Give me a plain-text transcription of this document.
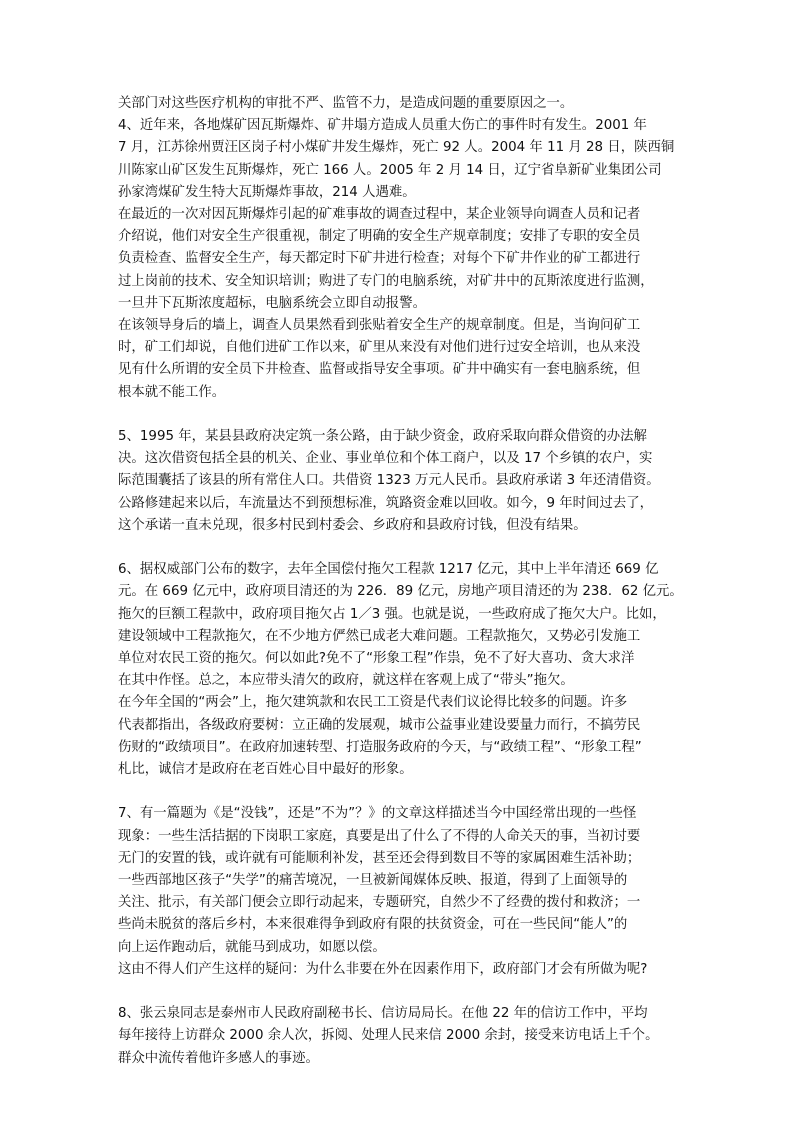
关部门对这些医疗机构的审批不严、监管不力，是造成问题的重要原因之一。

4、近年来，各地煤矿因瓦斯爆炸、矿井塌方造成人员重大伤亡的事件时有发生。2001 年

7 月，江苏徐州贾汪区岗子村小煤矿井发生爆炸，死亡 92 人。2004 年 11 月 28 日，陕西铜

川陈家山矿区发生瓦斯爆炸，死亡 166 人。2005 年 2 月 14 日，辽宁省阜新矿业集团公司

孙家湾煤矿发生特大瓦斯爆炸事故，214 人遇难。

在最近的一次对因瓦斯爆炸引起的矿难事故的调查过程中，某企业领导向调查人员和记者

介绍说，他们对安全生产很重视，制定了明确的安全生产规章制度；安排了专职的安全员

负责检查、监督安全生产，每天都定时下矿井进行检查；对每个下矿井作业的矿工都进行

过上岗前的技术、安全知识培训；购进了专门的电脑系统，对矿井中的瓦斯浓度进行监测，

一旦井下瓦斯浓度超标，电脑系统会立即自动报警。

在该领导身后的墙上，调查人员果然看到张贴着安全生产的规章制度。但是，当询问矿工

时，矿工们却说，自他们进矿工作以来，矿里从来没有对他们进行过安全培训，也从来没

见有什么所谓的安全员下井检查、监督或指导安全事项。矿井中确实有一套电脑系统，但

根本就不能工作。

5、1995 年，某县县政府决定筑一条公路，由于缺少资金，政府采取向群众借资的办法解

决。这次借资包括全县的机关、企业、事业单位和个体工商户，以及 17 个乡镇的农户，实

际范围囊括了该县的所有常住人口。共借资 1323 万元人民币。县政府承诺 3 年还清借资。

公路修建起来以后，车流量达不到预想标准，筑路资金难以回收。如今，9 年时间过去了，

这个承诺一直未兑现，很多村民到村委会、乡政府和县政府讨钱，但没有结果。

6、据权威部门公布的数字，去年全国偿付拖欠工程款 1217 亿元，其中上半年清还 669 亿

元。在 669 亿元中，政府项目清还的为 226．89 亿元，房地产项目清还的为 238．62 亿元。

拖欠的巨额工程款中，政府项目拖欠占 1／3 强。也就是说，一些政府成了拖欠大户。比如，

建设领域中工程款拖欠，在不少地方俨然已成老大难问题。工程款拖欠，又势必引发施工

单位对农民工资的拖欠。何以如此?免不了“形象工程”作祟，免不了好大喜功、贪大求洋

在其中作怪。总之，本应带头清欠的政府，就这样在客观上成了“带头”拖欠。

在今年全国的“两会”上，拖欠建筑款和农民工工资是代表们议论得比较多的问题。许多

代表都指出，各级政府要树：立正确的发展观，城市公益事业建设要量力而行，不搞劳民

伤财的“政绩项目”。在政府加速转型、打造服务政府的今天，与“政绩工程”、“形象工程”

札比，诚信才是政府在老百姓心目中最好的形象。

7、有一篇题为《是“没钱”，还是”不为”？》的文章这样描述当今中国经常出现的一些怪

现象：一些生活拮据的下岗职工家庭，真要是出了什么了不得的人命关天的事，当初讨要

无门的安置的钱，或许就有可能顺利补发，甚至还会得到数目不等的家属困难生活补助；

一些西部地区孩子“失学”的痛苦境况，一旦被新闻媒体反映、报道，得到了上面领导的

关注、批示，有关部门便会立即行动起来，专题研究，自然少不了经费的拨付和救济；一

些尚未脱贫的落后乡村，本来很难得争到政府有限的扶贫资金，可在一些民间“能人”的

向上运作跑动后，就能马到成功，如愿以偿。

这由不得人们产生这样的疑问：为什么非要在外在因素作用下，政府部门才会有所做为呢?

8、张云泉同志是泰州市人民政府副秘书长、信访局局长。在他 22 年的信访工作中，平均

每年接待上访群众 2000 余人次，拆阅、处理人民来信 2000 余封，接受来访电话上千个。

群众中流传着他许多感人的事迹。
